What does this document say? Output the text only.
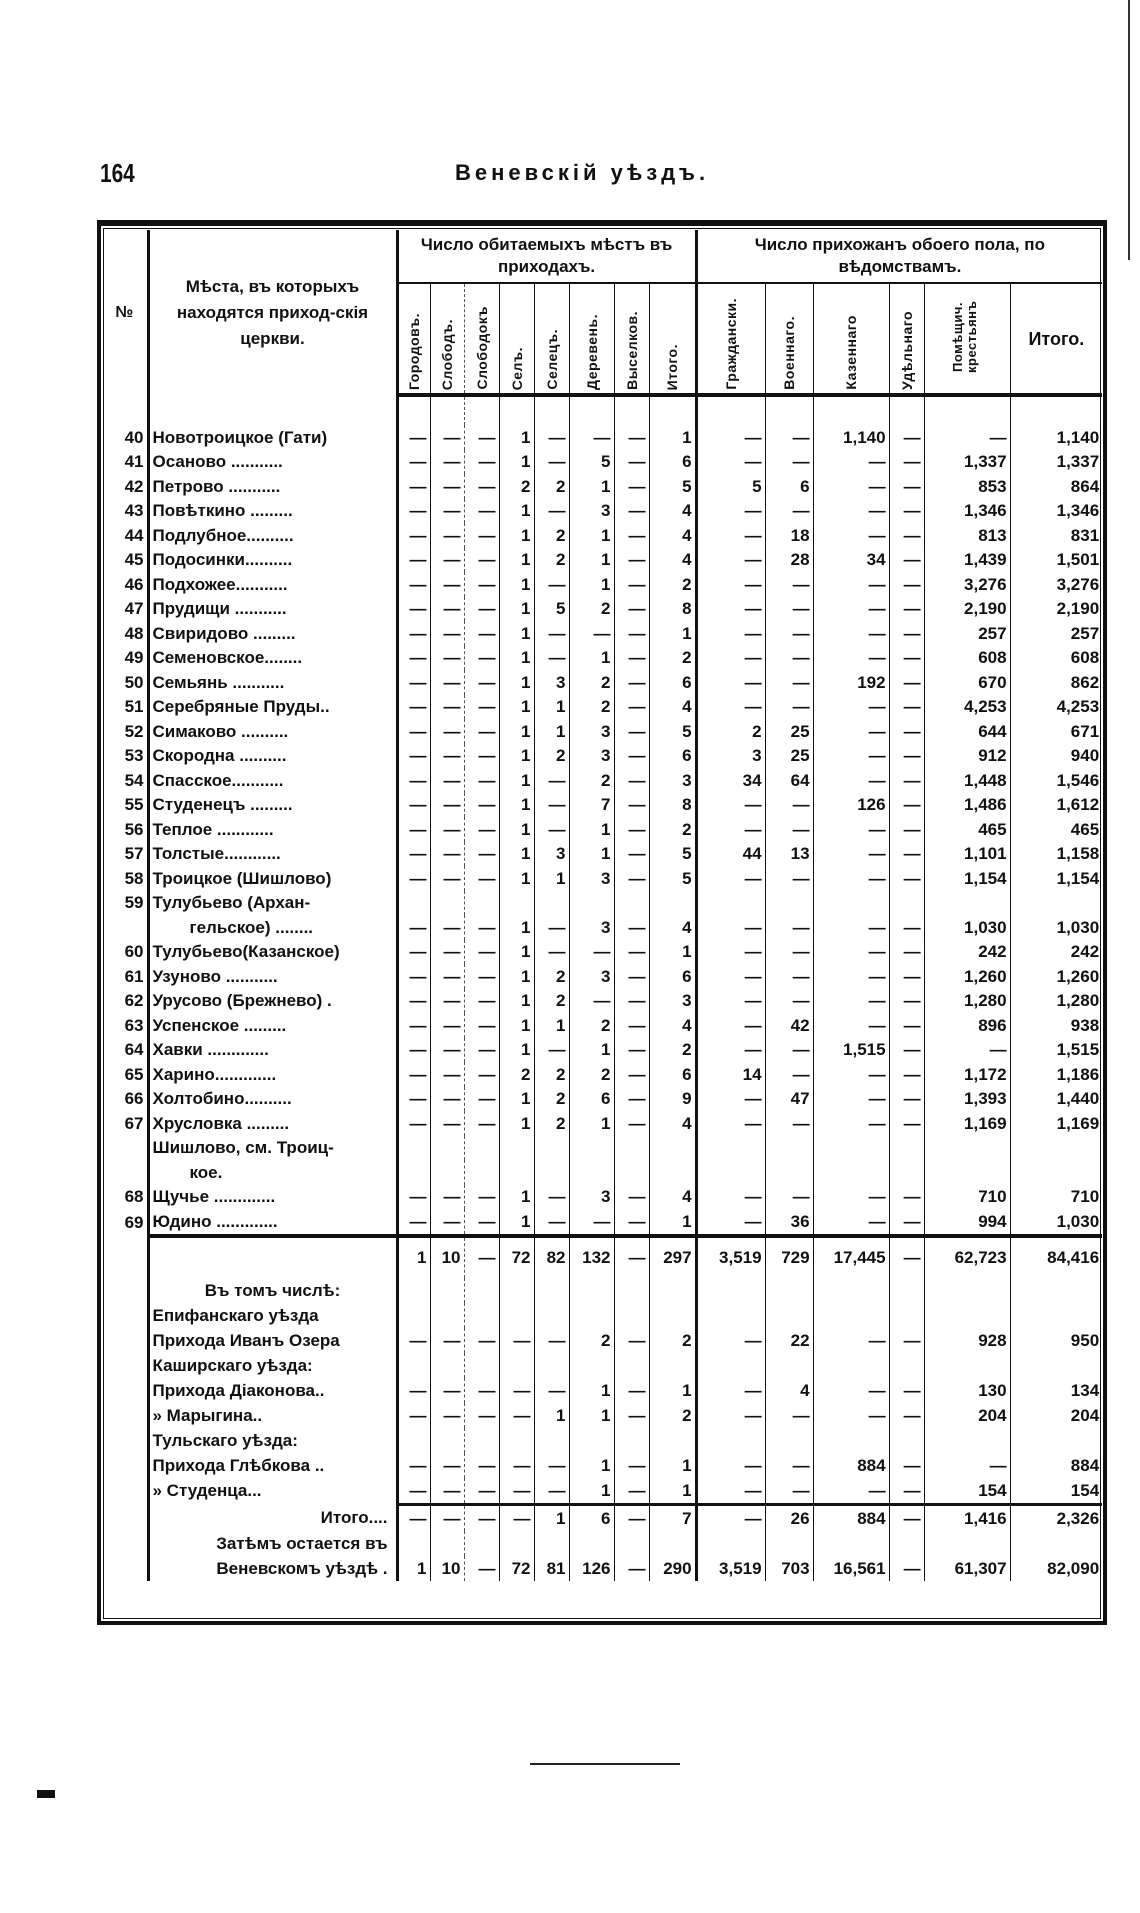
164	Веневскій уѣздъ.
№	Мѣста, въ которыхъ находятся приход-скія церкви.	Число обитаемыхъ мѣстъ въ приходахъ.								Число прихожанъ обоего пола, по вѣдомствамъ.					
		Городовъ.	Слободъ.	Слободокъ	Селъ.	Селецъ.	Деревень.	Выселков.	Итого.	Граждански.	Военнаго.	Казеннаго	Удѣльнаго	Помѣщич. крестьянъ	Итого.

40	Новотроицкое (Гати)	—	—	—	1	—	—	—	1	—	—	1,140	—	—	1,140
41	Осаново ...........	—	—	—	1	—	5	—	6	—	—	—	—	1,337	1,337
42	Петрово ...........	—	—	—	2	2	1	—	5	5	6	—	—	853	864
43	Повѣткино .........	—	—	—	1	—	3	—	4	—	—	—	—	1,346	1,346
44	Подлубное..........	—	—	—	1	2	1	—	4	—	18	—	—	813	831
45	Подосинки..........	—	—	—	1	2	1	—	4	—	28	34	—	1,439	1,501
46	Подхожее...........	—	—	—	1	—	1	—	2	—	—	—	—	3,276	3,276
47	Прудищи ...........	—	—	—	1	5	2	—	8	—	—	—	—	2,190	2,190
48	Свиридово .........	—	—	—	1	—	—	—	1	—	—	—	—	257	257
49	Семеновское........	—	—	—	1	—	1	—	2	—	—	—	—	608	608
50	Семьянь ...........	—	—	—	1	3	2	—	6	—	—	192	—	670	862
51	Серебряные Пруды..	—	—	—	1	1	2	—	4	—	—	—	—	4,253	4,253
52	Симаково ..........	—	—	—	1	1	3	—	5	2	25	—	—	644	671
53	Скородна ..........	—	—	—	1	2	3	—	6	3	25	—	—	912	940
54	Спасское...........	—	—	—	1	—	2	—	3	34	64	—	—	1,448	1,546
55	Студенецъ .........	—	—	—	1	—	7	—	8	—	—	126	—	1,486	1,612
56	Теплое ............	—	—	—	1	—	1	—	2	—	—	—	—	465	465
57	Толстые............	—	—	—	1	3	1	—	5	44	13	—	—	1,101	1,158
58	Троицкое (Шишлово)	—	—	—	1	1	3	—	5	—	—	—	—	1,154	1,154
59	Тулубьево (Архан-														
	гельское) ........	—	—	—	1	—	3	—	4	—	—	—	—	1,030	1,030
60	Тулубьево(Казанское)	—	—	—	1	—	—	—	1	—	—	—	—	242	242
61	Узуново ...........	—	—	—	1	2	3	—	6	—	—	—	—	1,260	1,260
62	Урусово (Брежнево) .	—	—	—	1	2	—	—	3	—	—	—	—	1,280	1,280
63	Успенское .........	—	—	—	1	1	2	—	4	—	42	—	—	896	938
64	Хавки .............	—	—	—	1	—	1	—	2	—	—	1,515	—	—	1,515
65	Харино.............	—	—	—	2	2	2	—	6	14	—	—	—	1,172	1,186
66	Холтобино..........	—	—	—	1	2	6	—	9	—	47	—	—	1,393	1,440
67	Хрусловка .........	—	—	—	1	2	1	—	4	—	—	—	—	1,169	1,169
	Шишлово, см. Троиц-														
	кое.														
68	Щучье .............	—	—	—	1	—	3	—	4	—	—	—	—	710	710
69	Юдино .............	—	—	—	1	—	—	—	1	—	36	—	—	994	1,030
		1	10	—	72	82	132	—	297	3,519	729	17,445	—	62,723	84,416
	Въ томъ числѣ:														
	Епифанскаго уѣзда														
	Прихода Иванъ Озера	—	—	—	—	—	2	—	2	—	22	—	—	928	950
	Каширскаго уѣзда:														
	Прихода Діаконова..	—	—	—	—	—	1	—	1	—	4	—	—	130	134
	» Марыгина..	—	—	—	—	1	1	—	2	—	—	—	—	204	204
	Тульскаго уѣзда:														
	Прихода Глѣбкова ..	—	—	—	—	—	1	—	1	—	—	884	—	—	884
	» Студенца...	—	—	—	—	—	1	—	1	—	—	—	—	154	154
	Итого....	—	—	—	—	1	6	—	7	—	26	884	—	1,416	2,326
	Затѣмъ остается въ														
	Веневскомъ уѣздѣ .	1	10	—	72	81	126	—	290	3,519	703	16,561	—	61,307	82,090
